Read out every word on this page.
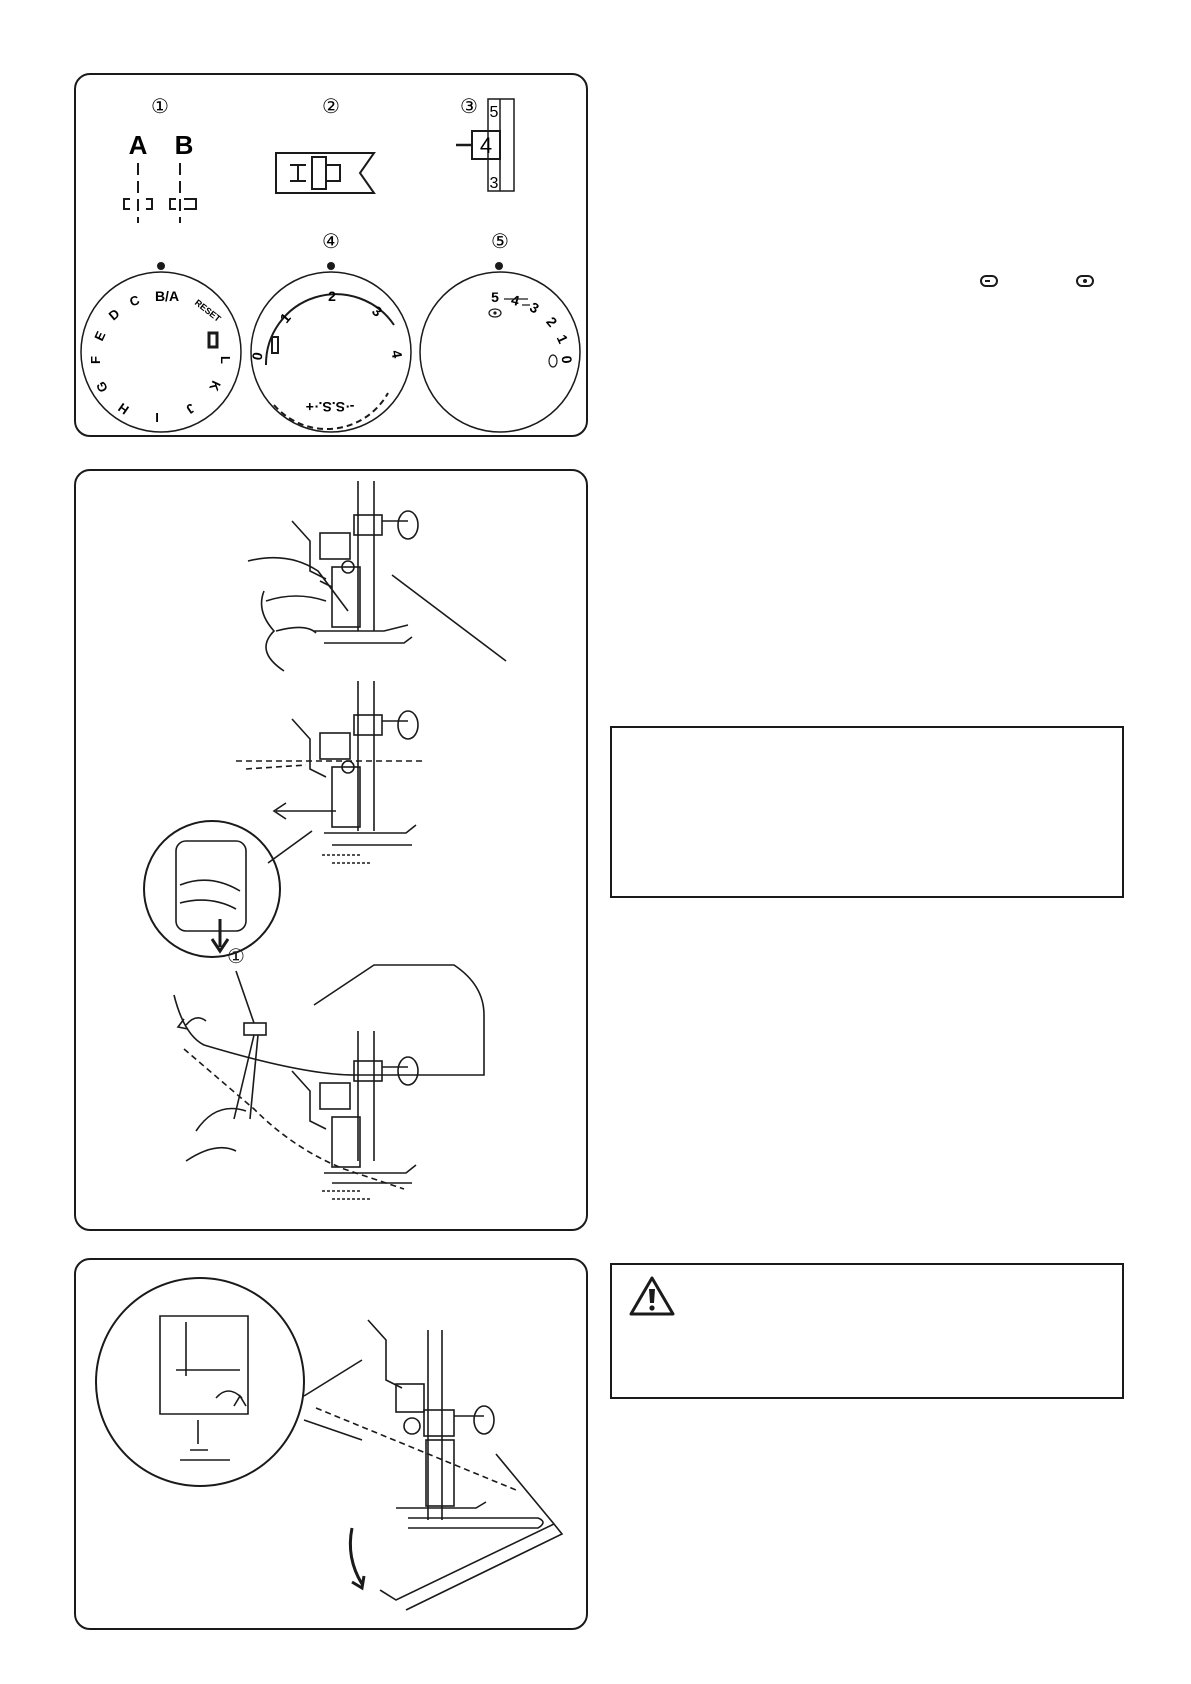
①	②	③
④	⑤
A B
5
4
3
B/A
RESET
C
D
E
F
G
H I
J
K
L 0
1
2
3
4
-·S.S.·+
5 4 3
2
1
0
①
